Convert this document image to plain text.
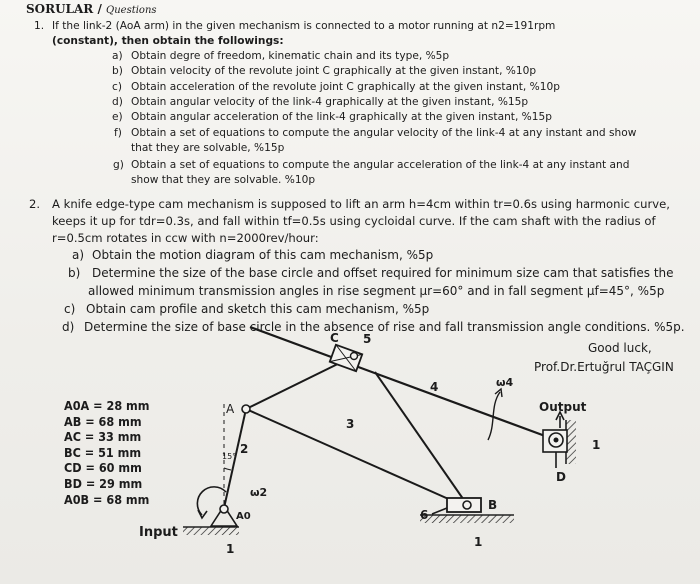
SORULAR / Questions
1. If the link-2 (AoA arm) in the given mechanism is connected to a motor running at n2=191rpm
(constant), then obtain the followings:
a) Obtain degre of freedom, kinematic chain and its type, %5p
b) Obtain velocity of the revolute joint C graphically at the given instant, %10p
c) Obtain acceleration of the revolute joint C graphically at the given instant, %10p
d) Obtain angular velocity of the link-4 graphically at the given instant, %15p
e) Obtain angular acceleration of the link-4 graphically at the given instant, %15p
f) Obtain a set of equations to compute the angular velocity of the link-4 at any instant and show
that they are solvable, %15p
g) Obtain a set of equations to compute the angular acceleration of the link-4 at any instant and
show that they are solvable. %10p
2. A knife edge-type cam mechanism is supposed to lift an arm h=4cm within tr=0.6s using harmonic curve,
keeps it up for tdr=0.3s, and fall within tf=0.5s using cycloidal curve. If the cam shaft with the radius of
r=0.5cm rotates in ccw with n=2000rev/hour:
a) Obtain the motion diagram of this cam mechanism, %5p
b) Determine the size of the base circle and offset required for minimum size cam that satisfies the
allowed minimum transmission angles in rise segment μr=60° and in fall segment μf=45°, %5p
c) Obtain cam profile and sketch this cam mechanism, %5p
d) Determine the size of base circle in the absence of rise and fall transmission angle conditions. %5p.
Good luck,
Prof.Dr.Ertuğrul TAÇGIN
A0A = 28 mm
AB = 68 mm
AC = 33 mm
BC = 51 mm
CD = 60 mm
BD = 29 mm
A0B = 68 mm
Input
Output
A
A0
B
C
D
1	1
1
2
3
4
5
6
ω2
ω4
15°
